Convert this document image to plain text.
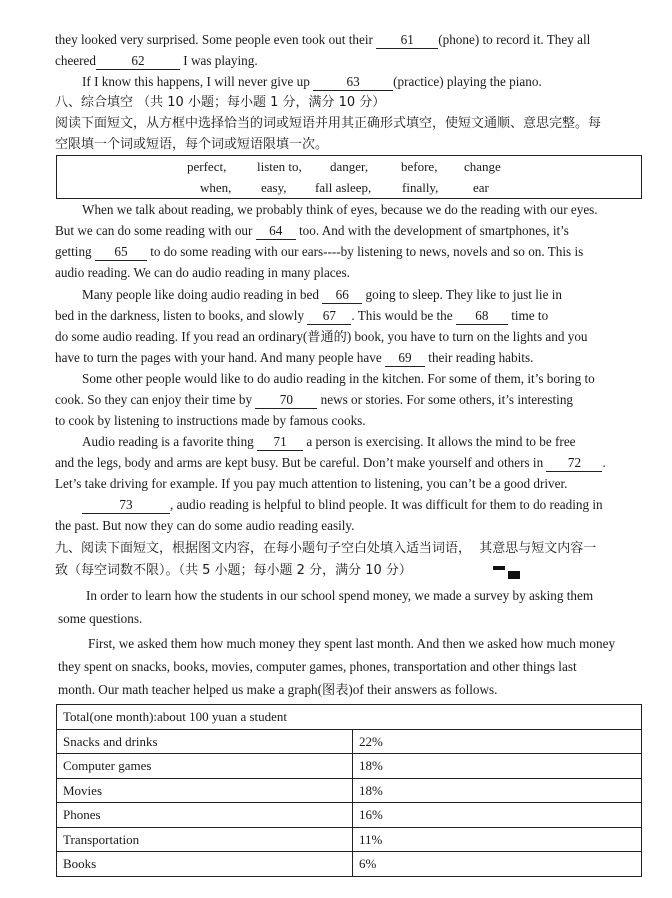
they looked very surprised. Some people even took out their 61 (phone) to record it. They all
cheered	62	I was playing.
If I know this happens, I will never give up	63	(practice) playing the piano.
八、综合填空 （共 10 小题；每小题 1 分，满分 10 分）
阅读下面短文，从方框中选择恰当的词或短语并用其正确形式填空，使短文通顺、意思完整。每
空限填一个词或短语，每个词或短语限填一次。
perfect, listen to, danger,	before, change
when, easy, fall asleep, finally,	ear
When we talk about reading, we probably think of eyes, because we do the reading with our eyes.
But we can do some reading with our 64 too. And with the development of smartphones, it’s
getting 65 to do some reading with our ears----by listening to news, novels and so on. This is
audio reading. We can do audio reading in many places.
Many people like doing audio reading in bed 66 going to sleep. They like to just lie in
bed in the darkness, listen to books, and slowly 67 . This would be the 68 time to
do some audio reading. If you read an ordinary(普通的) book, you have to turn on the lights and you
have to turn the pages with your hand. And many people have 69 their reading habits.
Some other people would like to do audio reading in the kitchen. For some of them, it’s boring to
cook. So they can enjoy their time by 70 news or stories. For some others, it’s interesting
to cook by listening to instructions made by famous cooks.
Audio reading is a favorite thing 71 a person is exercising. It allows the mind to be free
and the legs, body and arms are kept busy. But be careful. Don’t make yourself and others in 72 .
Let’s take driving for example. If you pay much attention to listening, you can’t be a good driver.
73	, audio reading is helpful to blind people. It was difficult for them to do reading in
the past. But now they can do some audio reading easily.
九、阅读下面短文，根据图文内容，在每小题句子空白处填入适当词语， 其意思与短文内容一
致（每空词数不限）。（共 5 小题；每小题 2 分，满分 10 分）
In order to learn how the students in our school spend money, we made a survey by asking them
some questions.
First, we asked them how much money they spent last month. And then we asked how much money
they spent on snacks, books, movies, computer games, phones, transportation and other things last
month. Our math teacher helped us make a graph(图表)of their answers as follows.
Total(one month):about 100 yuan a student	
Snacks and drinks	22%
Computer games	18%
Movies	18%
Phones	16%
Transportation	11%
Books	6%
